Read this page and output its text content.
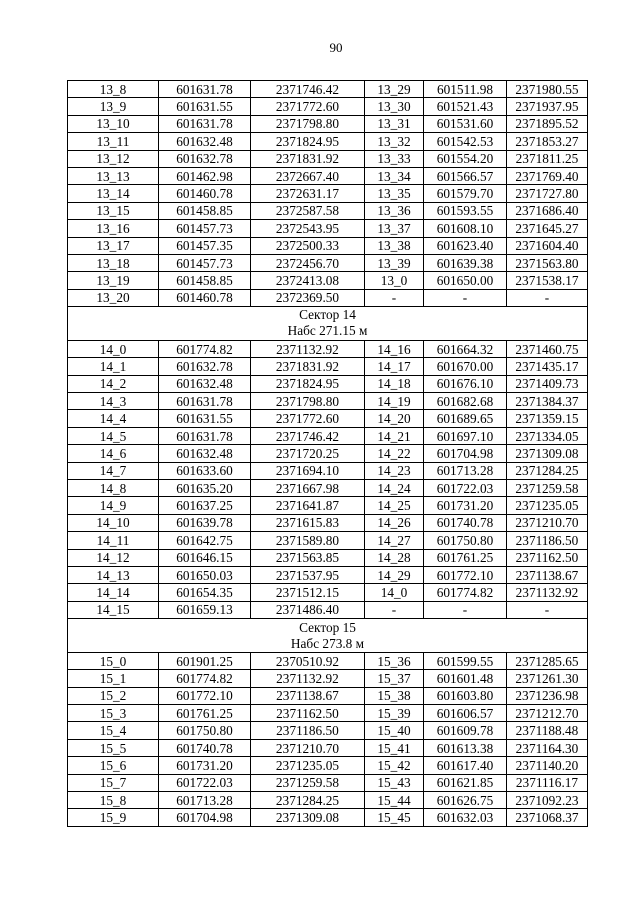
90
13_8	601631.78	2371746.42	13_29	601511.98	2371980.55
13_9	601631.55	2371772.60	13_30	601521.43	2371937.95
13_10	601631.78	2371798.80	13_31	601531.60	2371895.52
13_11	601632.48	2371824.95	13_32	601542.53	2371853.27
13_12	601632.78	2371831.92	13_33	601554.20	2371811.25
13_13	601462.98	2372667.40	13_34	601566.57	2371769.40
13_14	601460.78	2372631.17	13_35	601579.70	2371727.80
13_15	601458.85	2372587.58	13_36	601593.55	2371686.40
13_16	601457.73	2372543.95	13_37	601608.10	2371645.27
13_17	601457.35	2372500.33	13_38	601623.40	2371604.40
13_18	601457.73	2372456.70	13_39	601639.38	2371563.80
13_19	601458.85	2372413.08	13_0	601650.00	2371538.17
13_20	601460.78	2372369.50	-	-	-

Сектор 14
Набс 271.15 м					

14_0	601774.82	2371132.92	14_16	601664.32	2371460.75
14_1	601632.78	2371831.92	14_17	601670.00	2371435.17
14_2	601632.48	2371824.95	14_18	601676.10	2371409.73
14_3	601631.78	2371798.80	14_19	601682.68	2371384.37
14_4	601631.55	2371772.60	14_20	601689.65	2371359.15
14_5	601631.78	2371746.42	14_21	601697.10	2371334.05
14_6	601632.48	2371720.25	14_22	601704.98	2371309.08
14_7	601633.60	2371694.10	14_23	601713.28	2371284.25
14_8	601635.20	2371667.98	14_24	601722.03	2371259.58
14_9	601637.25	2371641.87	14_25	601731.20	2371235.05
14_10	601639.78	2371615.83	14_26	601740.78	2371210.70
14_11	601642.75	2371589.80	14_27	601750.80	2371186.50
14_12	601646.15	2371563.85	14_28	601761.25	2371162.50
14_13	601650.03	2371537.95	14_29	601772.10	2371138.67
14_14	601654.35	2371512.15	14_0	601774.82	2371132.92
14_15	601659.13	2371486.40	-	-	-

Сектор 15
Набс 273.8 м					

15_0	601901.25	2370510.92	15_36	601599.55	2371285.65
15_1	601774.82	2371132.92	15_37	601601.48	2371261.30
15_2	601772.10	2371138.67	15_38	601603.80	2371236.98
15_3	601761.25	2371162.50	15_39	601606.57	2371212.70
15_4	601750.80	2371186.50	15_40	601609.78	2371188.48
15_5	601740.78	2371210.70	15_41	601613.38	2371164.30
15_6	601731.20	2371235.05	15_42	601617.40	2371140.20
15_7	601722.03	2371259.58	15_43	601621.85	2371116.17
15_8	601713.28	2371284.25	15_44	601626.75	2371092.23
15_9	601704.98	2371309.08	15_45	601632.03	2371068.37
